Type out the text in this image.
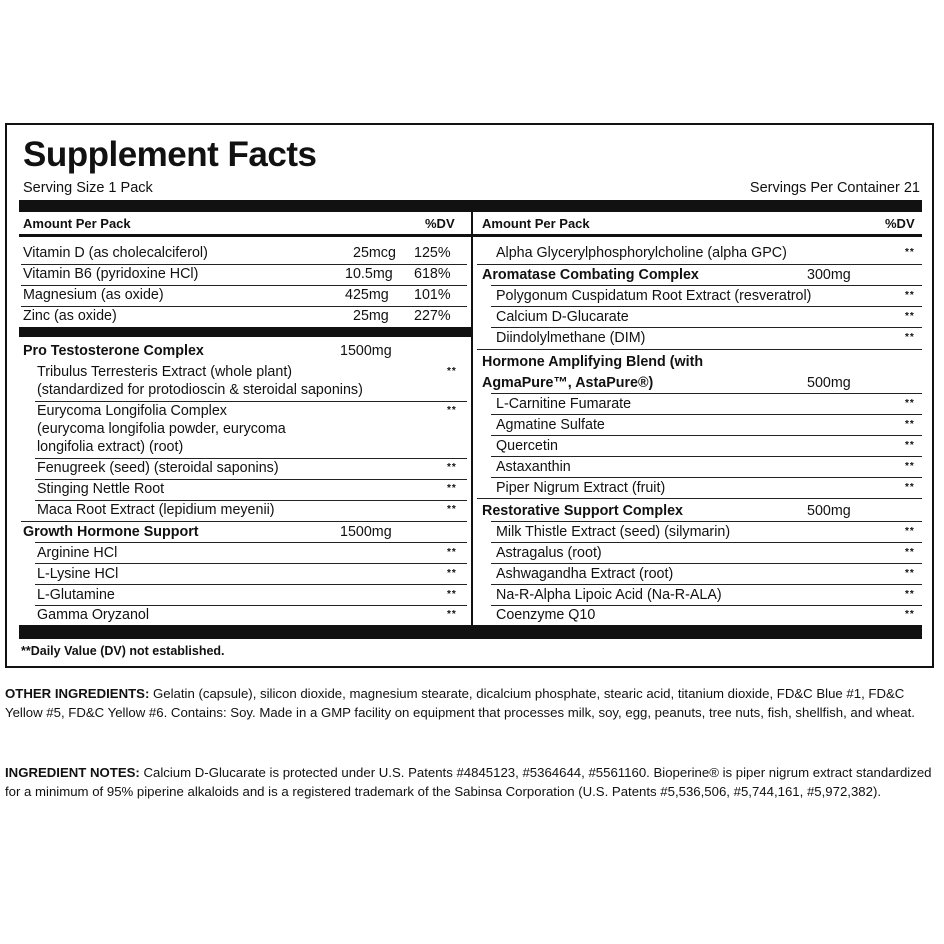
Supplement Facts
Serving Size 1 Pack	Servings Per Container 21
Amount Per Pack	%DV
Vitamin D (as cholecalciferol)	25mcg 125%
Vitamin B6 (pyridoxine HCl)	10.5mg 618%
Magnesium (as oxide)	425mg 101%
Zinc (as oxide)	25mg 227%
Pro Testosterone Complex	1500mg
Tribulus Terresteris Extract (whole plant)
(standardized for protodioscin & steroidal saponins)
**
Eurycoma Longifolia Complex
(eurycoma longifolia powder, eurycoma
longifolia extract) (root)
**
Fenugreek (seed) (steroidal saponins)	**
Stinging Nettle Root	**
Maca Root Extract (lepidium meyenii)	**
Growth Hormone Support	1500mg
Arginine HCl	**
L-Lysine HCl	**
L-Glutamine	**
Gamma Oryzanol	**
Amount Per Pack	%DV
Alpha Glycerylphosphorylcholine (alpha GPC)	**
Aromatase Combating Complex	300mg
Polygonum Cuspidatum Root Extract (resveratrol)	**
Calcium D-Glucarate	**
Diindolylmethane (DIM)	**
Hormone Amplifying Blend (with
AgmaPure™, AstaPure®)	500mg
L-Carnitine Fumarate	**
Agmatine Sulfate	**
Quercetin	**
Astaxanthin	**
Piper Nigrum Extract (fruit)	**
Restorative Support Complex	500mg
Milk Thistle Extract (seed) (silymarin)	**
Astragalus (root)	**
Ashwagandha Extract (root)	**
Na-R-Alpha Lipoic Acid (Na-R-ALA)	**
Coenzyme Q10	**
**Daily Value (DV) not established.
OTHER INGREDIENTS: Gelatin (capsule), silicon dioxide, magnesium stearate, dicalcium phosphate, stearic acid, titanium dioxide, FD&C Blue #1, FD&C Yellow #5, FD&C Yellow #6. Contains: Soy. Made in a GMP facility on equipment that processes milk, soy, egg, peanuts, tree nuts, fish, shellfish, and wheat.
INGREDIENT NOTES: Calcium D-Glucarate is protected under U.S. Patents #4845123, #5364644, #5561160. Bioperine® is piper nigrum extract standardized for a minimum of 95% piperine alkaloids and is a registered trademark of the Sabinsa Corporation (U.S. Patents #5,536,506, #5,744,161, #5,972,382).
